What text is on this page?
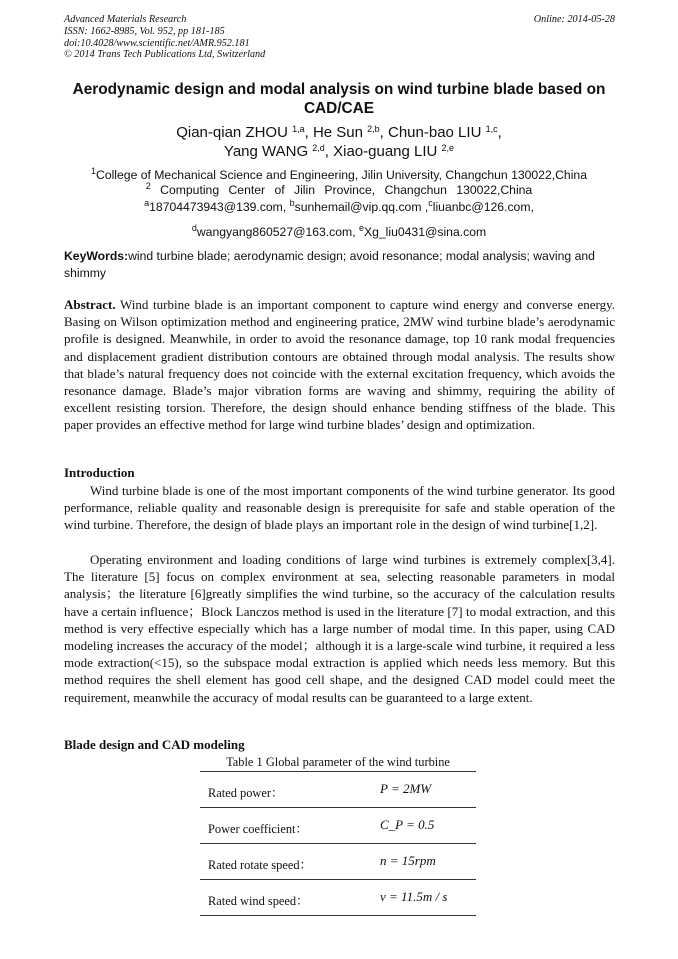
Advanced Materials Research
ISSN: 1662-8985, Vol. 952, pp 181-185
doi:10.4028/www.scientific.net/AMR.952.181
© 2014 Trans Tech Publications Ltd, Switzerland
Online: 2014-05-28
Aerodynamic design and modal analysis on wind turbine blade based on
CAD/CAE
Qian-qian ZHOU $^{1,a}$, He Sun $^{2,b}$, Chun-bao LIU $^{1,c}$,
Yang WANG $^{2,d}$, Xiao-guang LIU $^{2,e}$
$^1$College of Mechanical Science and Engineering, Jilin University, Changchun 130022,China
$^2$ Computing Center of Jilin Province, Changchun 130022,China
$^a$18704473943@139.com, $^b$sunhemail@vip.qq.com ,$^c$liuanbc@126.com,
$^d$wangyang860527@163.com, $^e$Xg_liu0431@sina.com
KeyWords:wind turbine blade; aerodynamic design; avoid resonance; modal analysis; waving and shimmy
Abstract. Wind turbine blade is an important component to capture wind energy and converse energy. Basing on Wilson optimization method and engineering pratice, 2MW wind turbine blade’s aerodynamic profile is designed. Meanwhile, in order to avoid the resonance damage, top 10 rank modal frequencies and displacement gradient distribution contours are obtained through modal analysis. The results show that blade’s natural frequency does not coincide with the external excitation frequency, which avoids the resonance damage. Blade’s major vibration forms are waving and shimmy, requiring the ability of excellent resisting torsion. Therefore, the design should enhance bending stiffness of the blade. This paper provides an effective method for large wind turbine blades’ design and optimization.
Introduction
Wind turbine blade is one of the most important components of the wind turbine generator. Its good performance, reliable quality and reasonable design is prerequisite for safe and stable operation of the wind turbine. Therefore, the design of blade plays an important role in the design of wind turbine[1,2].
Operating environment and loading conditions of large wind turbines is extremely complex[3,4]. The literature [5] focus on complex environment at sea, selecting reasonable parameters in modal analysis；the literature [6]greatly simplifies the wind turbine, so the accuracy of the calculation results have a certain influence；Block Lanczos method is used in the literature [7] to modal extraction, and this method is very effective especially which has a large number of modal time. In this paper, using CAD modeling increases the accuracy of the model；although it is a large-scale wind turbine, it required a less mode extraction(<15), so the subspace modal extraction is applied which needs less memory. But this method requires the shell element has good cell shape, and the designed CAD model could meet the requirement, meanwhile the accuracy of modal results can be guaranteed to a large extent.
Blade design and CAD modeling
Table 1 Global parameter of the wind turbine
Rated power：	P = 2MW
Power coefficient：	C_P = 0.5
Rated rotate speed：	n = 15rpm
Rated wind speed：	v = 11.5m / s
